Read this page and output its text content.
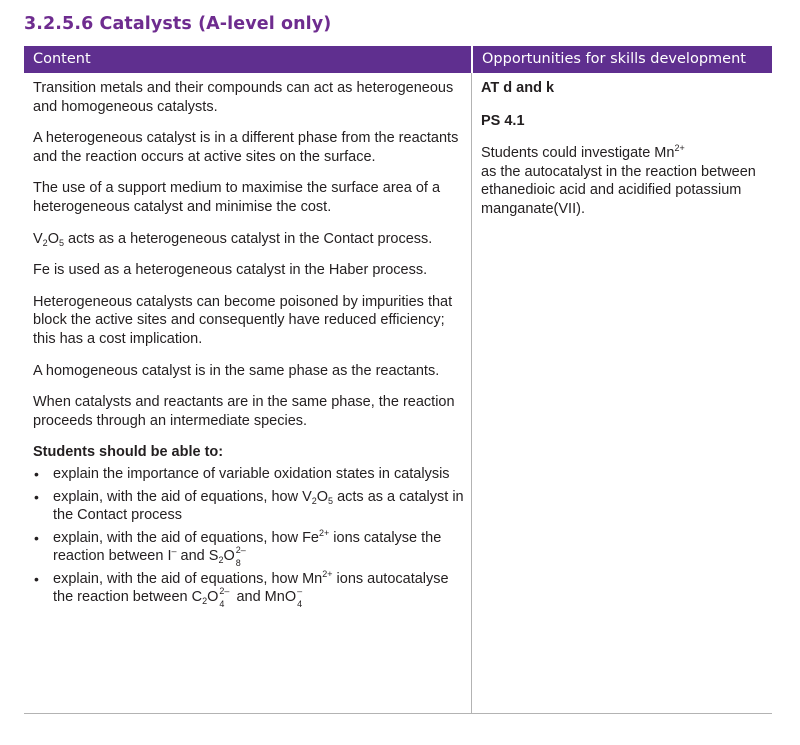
3.2.5.6 Catalysts (A-level only)
Content	Opportunities for skills development

Transition metals and their compounds can act as heterogeneous and homogeneous catalysts.

A heterogeneous catalyst is in a different phase from the reactants and the reaction occurs at active sites on the surface.

The use of a support medium to maximise the surface area of a heterogeneous catalyst and minimise the cost.

$V_2O_5$ acts as a heterogeneous catalyst in the Contact process.

Fe is used as a heterogeneous catalyst in the Haber process.

Heterogeneous catalysts can become poisoned by impurities that block the active sites and consequently have reduced efficiency; this has a cost implication.

A homogeneous catalyst is in the same phase as the reactants.

When catalysts and reactants are in the same phase, the reaction proceeds through an intermediate species.

Students should be able to:
• explain the importance of variable oxidation states in catalysis
• explain, with the aid of equations, how $V_2O_5$ acts as a catalyst in the Contact process
• explain, with the aid of equations, how $Fe^{2+}$ ions catalyse the reaction between I– and $S_2O$ 2–
8
• explain, with the aid of equations, how $Mn^{2+}$ ions autocatalyse the reaction between $C_2O$ 2–
4 and MnO –
4

AT d and k

PS 4.1

Students could investigate $Mn^{2+}$
as the autocatalyst in the reaction between ethanedioic acid and acidified potassium manganate(VII).
